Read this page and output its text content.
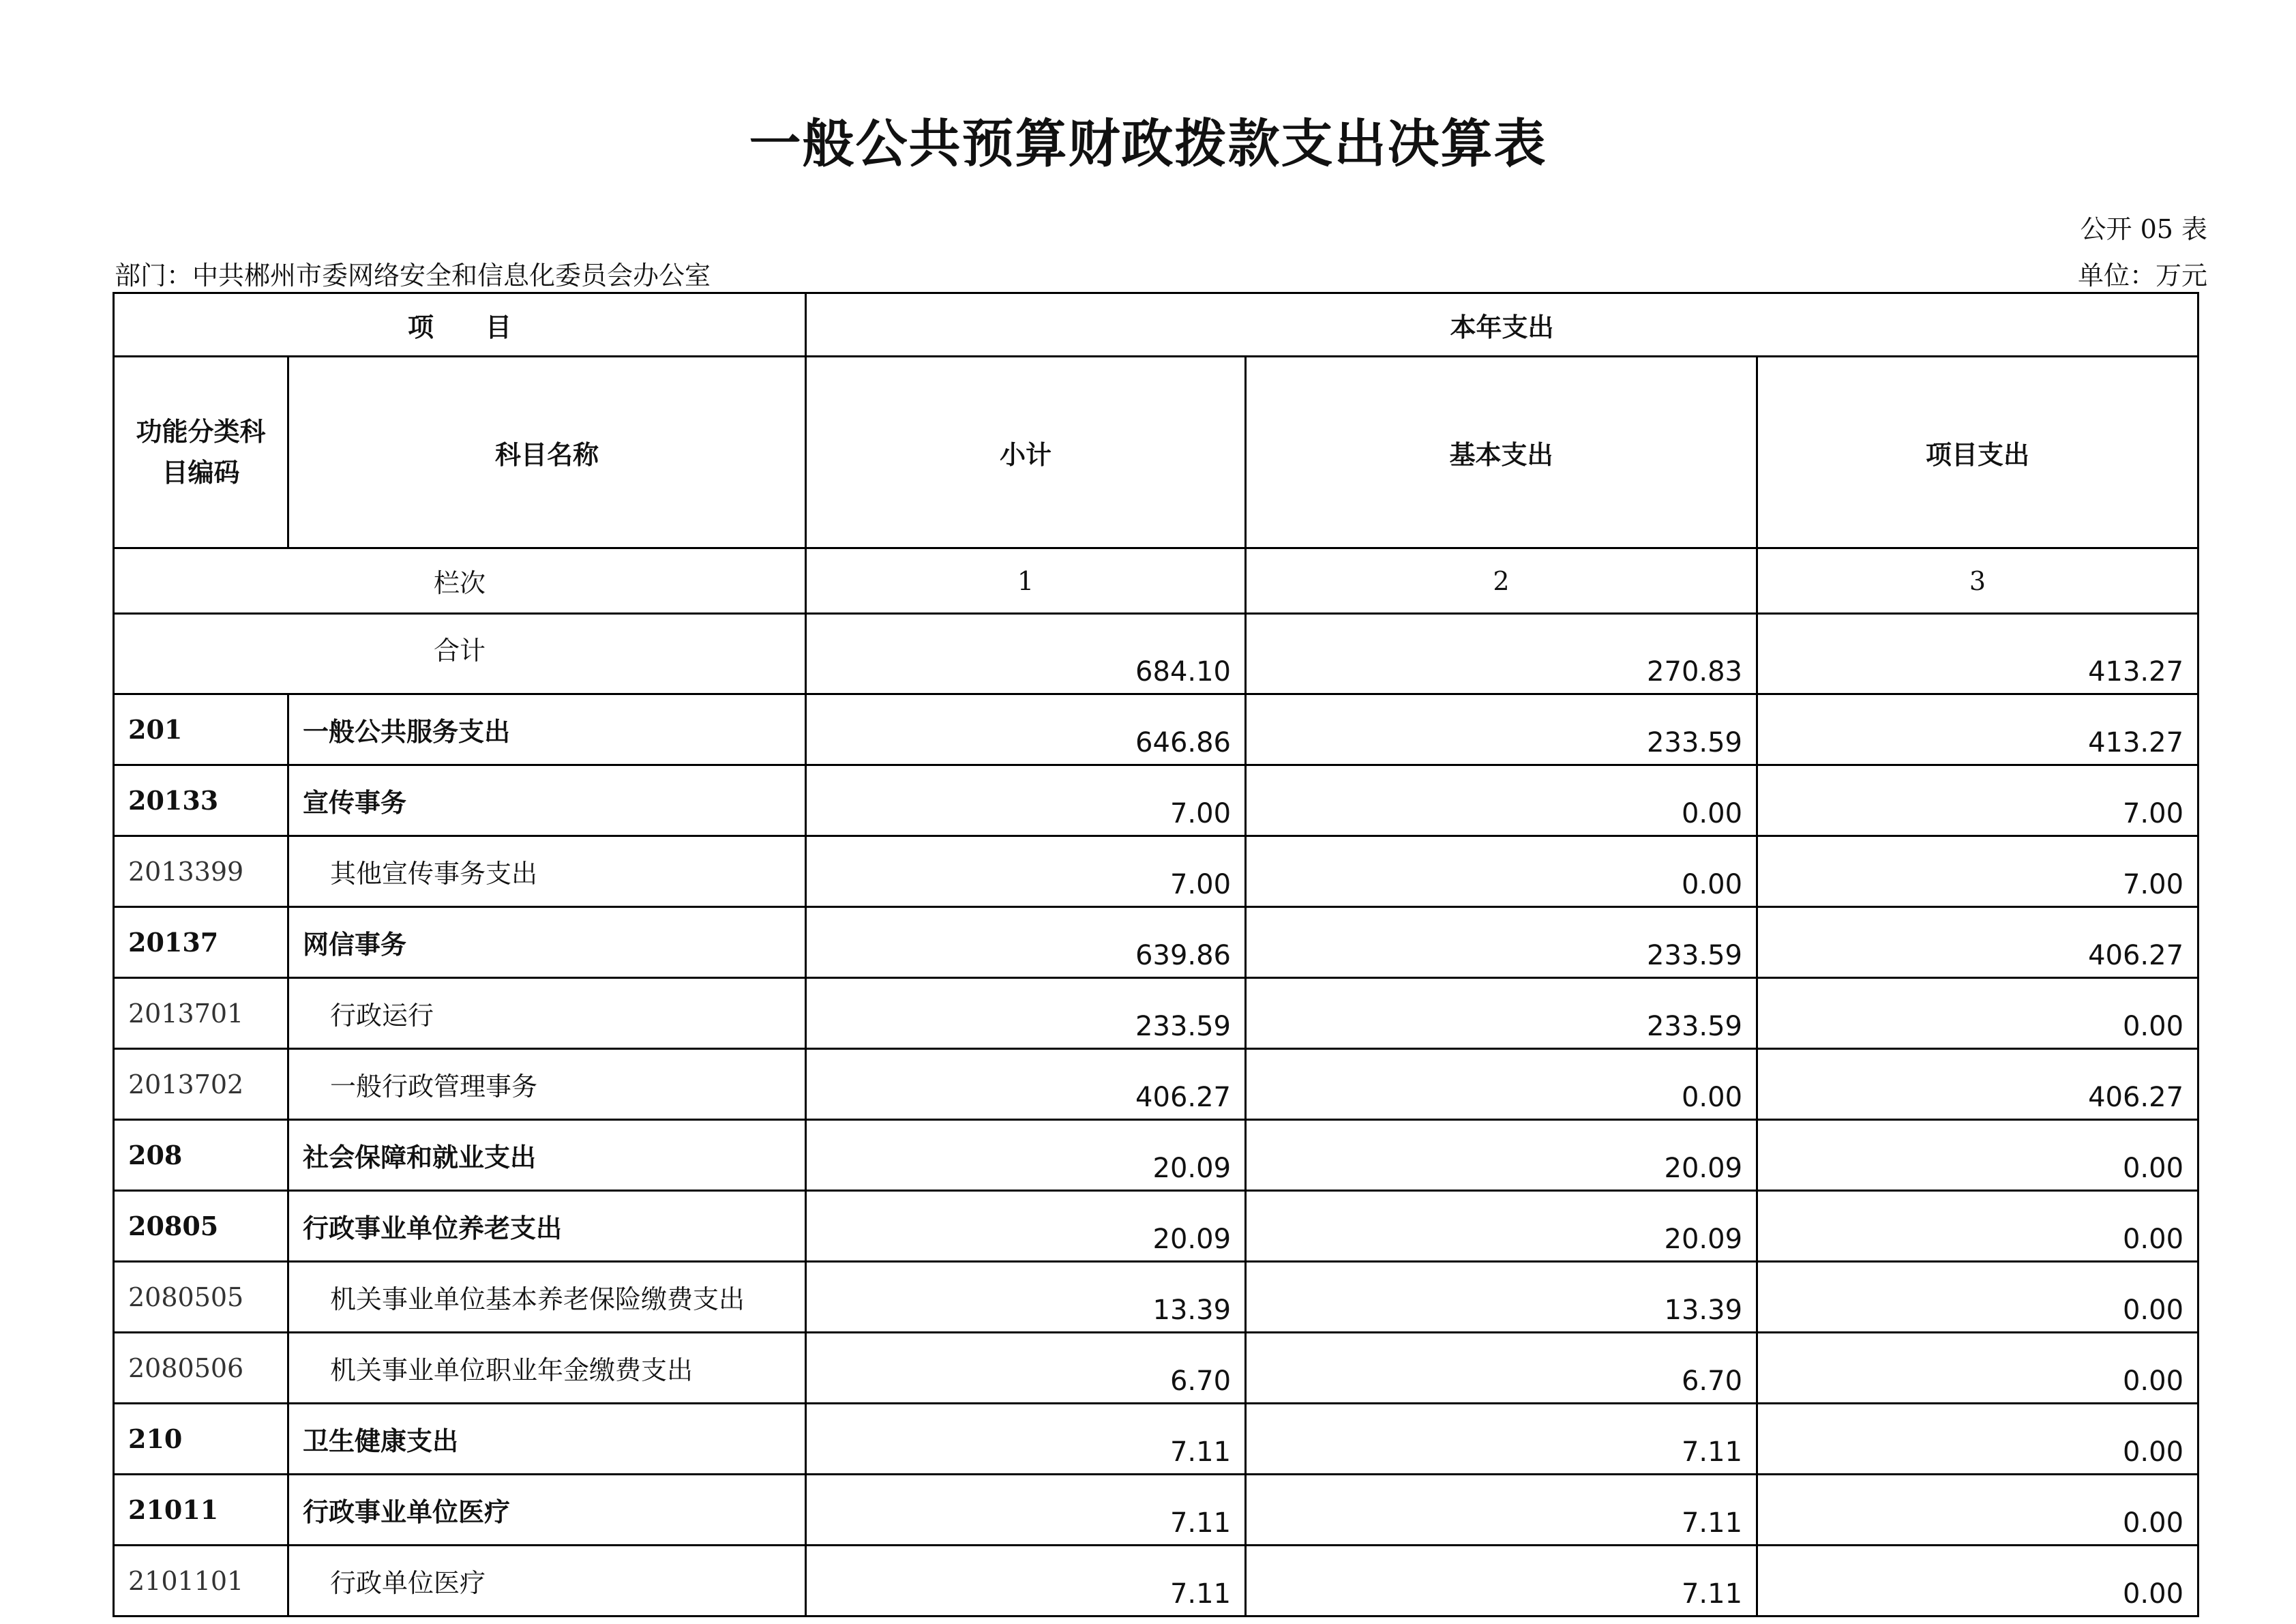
一般公共预算财政拨款支出决算表
公开 05 表
部门：中共郴州市委网络安全和信息化委员会办公室	单位：万元
项　　目		本年支出		
功能分类科目编码	科目名称	小计	基本支出	项目支出
栏次		1	2	3
合计		684.10	270.83	413.27
201	一般公共服务支出	646.86	233.59	413.27
20133	宣传事务	7.00	0.00	7.00
2013399	其他宣传事务支出	7.00	0.00	7.00
20137	网信事务	639.86	233.59	406.27
2013701	行政运行	233.59	233.59	0.00
2013702	一般行政管理事务	406.27	0.00	406.27
208	社会保障和就业支出	20.09	20.09	0.00
20805	行政事业单位养老支出	20.09	20.09	0.00
2080505	机关事业单位基本养老保险缴费支出	13.39	13.39	0.00
2080506	机关事业单位职业年金缴费支出	6.70	6.70	0.00
210	卫生健康支出	7.11	7.11	0.00
21011	行政事业单位医疗	7.11	7.11	0.00
2101101	行政单位医疗	7.11	7.11	0.00
